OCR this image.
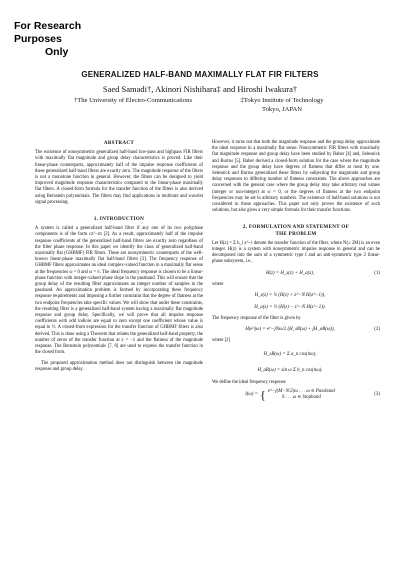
For Research Purposes
Only
GENERALIZED HALF-BAND MAXIMALLY FLAT FIR FILTERS
Saed Samadi†, Akinori Nishihara‡ and Hiroshi Iwakura†
†The University of Electro-Communications	‡Tokyo Institute of Technology
Tokyo, JAPAN
ABSTRACT
The existence of nonsymmetric generalized half-band low-pass and highpass FIR filters with maximally flat magnitude and group delay characteristics is proved. Like their linear-phase counterparts, approximately half of the impulse response coefficients of these generalized half-band filters are exactly zero. The magnitude response of the filters is not a monotone function in general. However, the filters can be designed to yield improved magnitude response characteristics compared to the linear-phase maximally flat filters. A closed-form formula for the transfer function of the filters is also derived using Bernstein polynomials. The filters may find applications in multirate and wavelet signal processing.
1. INTRODUCTION
A system is called a generalized half-band filter if any one of its two polyphase components is of the form cz^−m [2]. As a result, approximately half of the impulse response coefficients of the generalized half-band filters are exactly zero regardless of the filter phase response. In this paper we identify the class of generalized half-band maximally flat (GHBMF) FIR filters. These are nonsymmetric counterparts of the well-known linear-phase maximally flat half-band filters [3]. The frequency response of GHBMF filters approximates an ideal complex-valued function in a maximally flat sense at the frequencies ω = 0 and ω = π. The ideal frequency response is chosen to be a linear-phase function with integer-valued phase slope in the passband. This will ensure that the group delay of the resulting filter approximates an integer number of samples in the passband. An approximation problem is formed by incorporating these frequency response requirements and imposing a further constraint that the degree of flatness at the two endpoint frequencies take specific values. We will show that under these constraints, the resulting filter is a generalized half-band system having a maximally flat magnitude response and group delay. Specifically, we will prove that all impulse response coefficients with odd indices are equal to zero except one coefficient whose value is equal to ½. A closed-from expression for the transfer function of GHBMF filters is also derived. This is done using a Theorem that relates the generalized half-band property, the number of zeros of the transfer function at z = −1 and the flatness of the magnitude response. The Bernstein polynomials [7, 8] are used to express the transfer function in the closed form.
The proposed approximation method does not distinguish between the magnitude response and group delay.
However, it turns out that both the magnitude response and the group delay approximate the ideal response in a maximally flat sense. Nonsymmetric FIR filters with maximally flat magnitude response and group delay have been studied by Baher [4] and, Selesnick and Burrus [5]. Baher derived a closed-form solution for the case where the magnitude response and the group delay have degrees of flatness that differ at most by one. Selesnick and Burrus generalized these filters by subjecting the magnitude and group delay responses to differing number of flatness constraints. The above approaches are concerned with the general case where the group delay may take arbitrary real values (integer or non-integer) at ω = 0, or the degrees of flatness at the two endpoint frequencies may be set to arbitrary numbers. The existence of half-band solutions is not considered in those approaches. This paper not only proves the existence of such solutions, but also gives a very simple formula for their transfer functions.
2. FORMULATION AND STATEMENT OF
THE PROBLEM
Let H(z) = Σ h_i z^−i denote the transfer function of the filter, where N(≥ 2M) is an even integer. H(z) is a system with nonsymmetric impulse response in general and can be decomposed into the sum of a symmetric type I and an anti-symmetric type 2 linear-phase subsystem, i.e.,
H(z) = H_s(z) + H_a(z),	(1)
where
H_s(z) = ½ (H(z) + z^−N H(z^−1)),
H_a(z) = ½ (H(z) − z^−N H(z^−1)).
The frequency response of the filter is given by
H(e^jω) = e^−jNω/2 (H_sR(ω) + jH_aR(ω)),	(2)
where [2]
H_sR(ω) = Σ a_n cos(nω),
H_aR(ω) = sin ω Σ b_n cos(nω).
We define the ideal frequency response
I(ω) = { e^−j(M−N/2)ω . . . ω ∈ Passband
0 . . . ω ∈ Stopband
(3)
